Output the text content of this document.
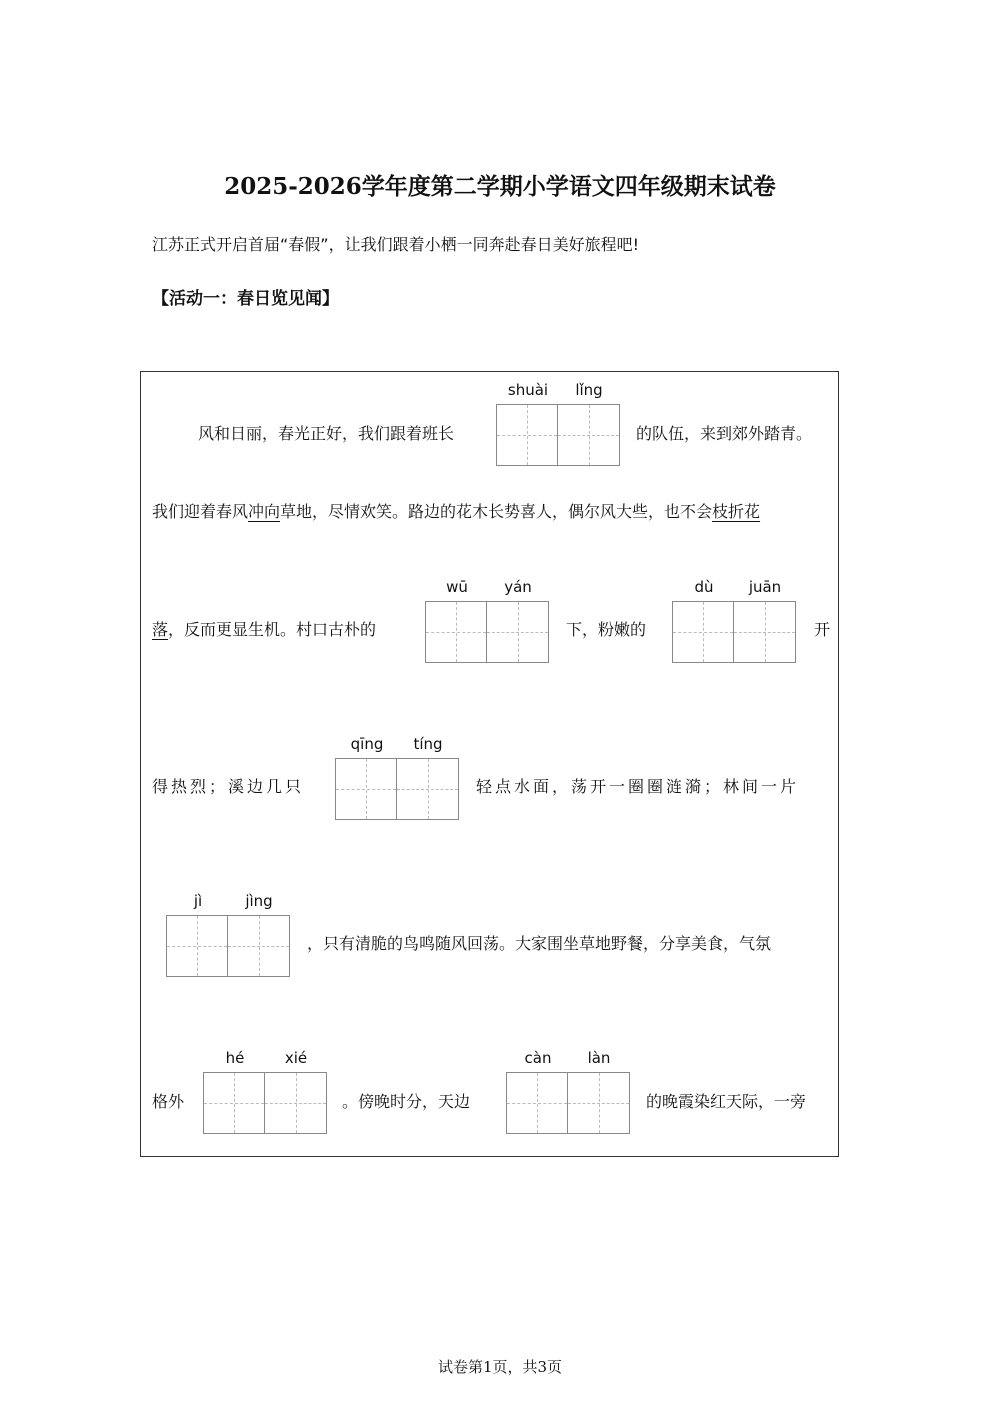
2025-2026学年度第二学期小学语文四年级期末试卷
江苏正式开启首届“春假”，让我们跟着小栖一同奔赴春日美好旅程吧!
【活动一：春日览见闻】
风和日丽，春光正好，我们跟着班长
shuài	lǐng
的队伍，来到郊外踏青。
我们迎着春风冲向草地，尽情欢笑。路边的花木长势喜人，偶尔风大些，也不会枝折花
落，反而更显生机。村口古朴的
wū	yán
下，粉嫩的
dù	juān
开
得热烈；溪边几只
qīng	tíng
轻点水面，荡开一圈圈涟漪；林间一片
jì	jìng
，只有清脆的鸟鸣随风回荡。大家围坐草地野餐，分享美食，气氛
格外
hé	xié
。傍晚时分，天边
càn	làn
的晚霞染红天际，一旁
试卷第1页，共3页
